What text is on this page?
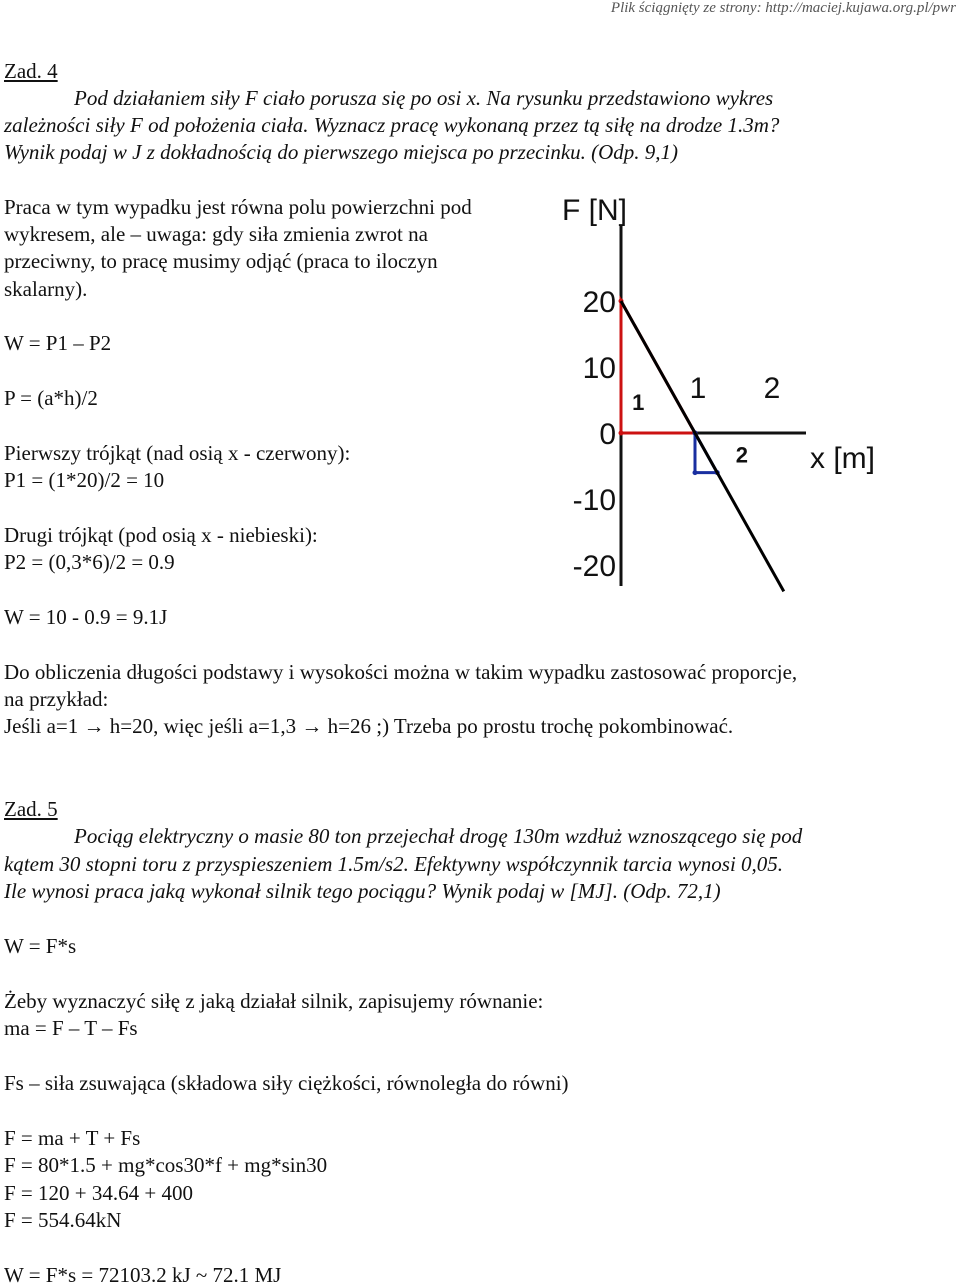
Plik ściągnięty ze strony: http://maciej.kujawa.org.pl/pwr
Zad. 4
Pod działaniem siły F ciało porusza się po osi x. Na rysunku przedstawiono wykres
zależności siły F od położenia ciała. Wyznacz pracę wykonaną przez tą siłę na drodze 1.3m?
Wynik podaj w J z dokładnością do pierwszego miejsca po przecinku. (Odp. 9,1)
Praca w tym wypadku jest równa polu powierzchni pod
wykresem, ale – uwaga: gdy siła zmienia zwrot na
przeciwny, to pracę musimy odjąć (praca to iloczyn
skalarny).
W = P1 – P2
P = (a*h)/2
Pierwszy trójkąt (nad osią x - czerwony):
P1 = (1*20)/2 = 10
Drugi trójkąt (pod osią x - niebieski):
P2 = (0,3*6)/2 = 0.9
W = 10 - 0.9 = 9.1J
Do obliczenia długości podstawy i wysokości można w takim wypadku zastosować proporcje,
na przykład:
Jeśli a=1 → h=20, więc jeśli a=1,3 → h=26 ;) Trzeba po prostu trochę pokombinować.
F [N]
x [m]
20
10
0
-10
-20
1 2
1
2
Zad. 5
Pociąg elektryczny o masie 80 ton przejechał drogę 130m wzdłuż wznoszącego się pod
kątem 30 stopni toru z przyspieszeniem 1.5m/s2. Efektywny współczynnik tarcia wynosi 0,05.
Ile wynosi praca jaką wykonał silnik tego pociągu? Wynik podaj w [MJ]. (Odp. 72,1)
W = F*s
Żeby wyznaczyć siłę z jaką działał silnik, zapisujemy równanie:
ma = F – T – Fs
Fs – siła zsuwająca (składowa siły ciężkości, równoległa do równi)
F = ma + T + Fs
F = 80*1.5 + mg*cos30*f + mg*sin30
F = 120 + 34.64 + 400
F = 554.64kN
W = F*s = 72103.2 kJ ~ 72.1 MJ
